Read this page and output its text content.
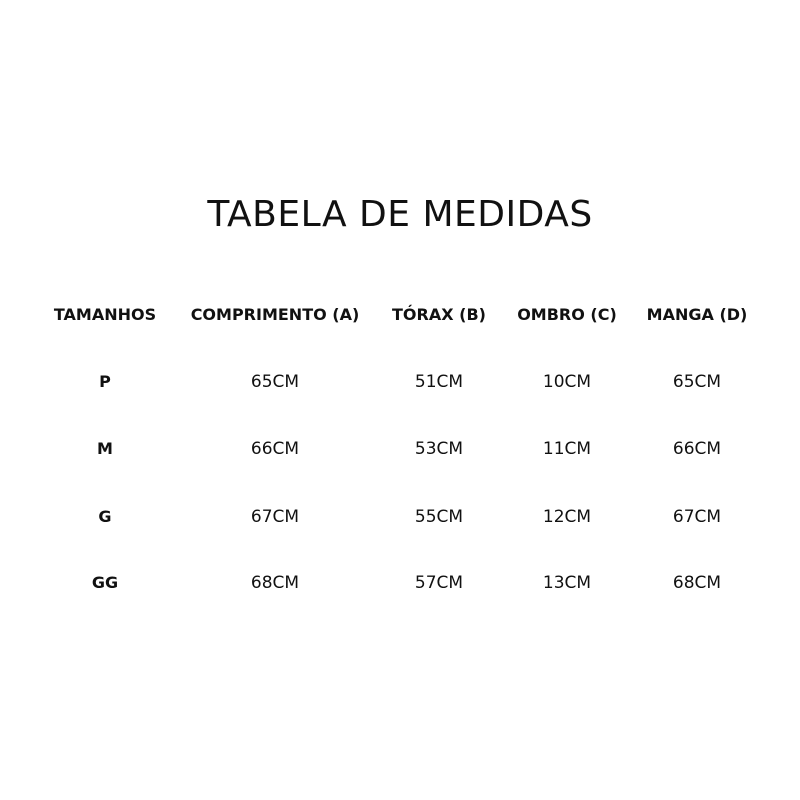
TABELA DE MEDIDAS
TAMANHOS	COMPRIMENTO (A)	TÓRAX (B)	OMBRO (C)	MANGA (D)
P	65CM	51CM	10CM	65CM
M	66CM	53CM	11CM	66CM
G	67CM	55CM	12CM	67CM
GG	68CM	57CM	13CM	68CM
